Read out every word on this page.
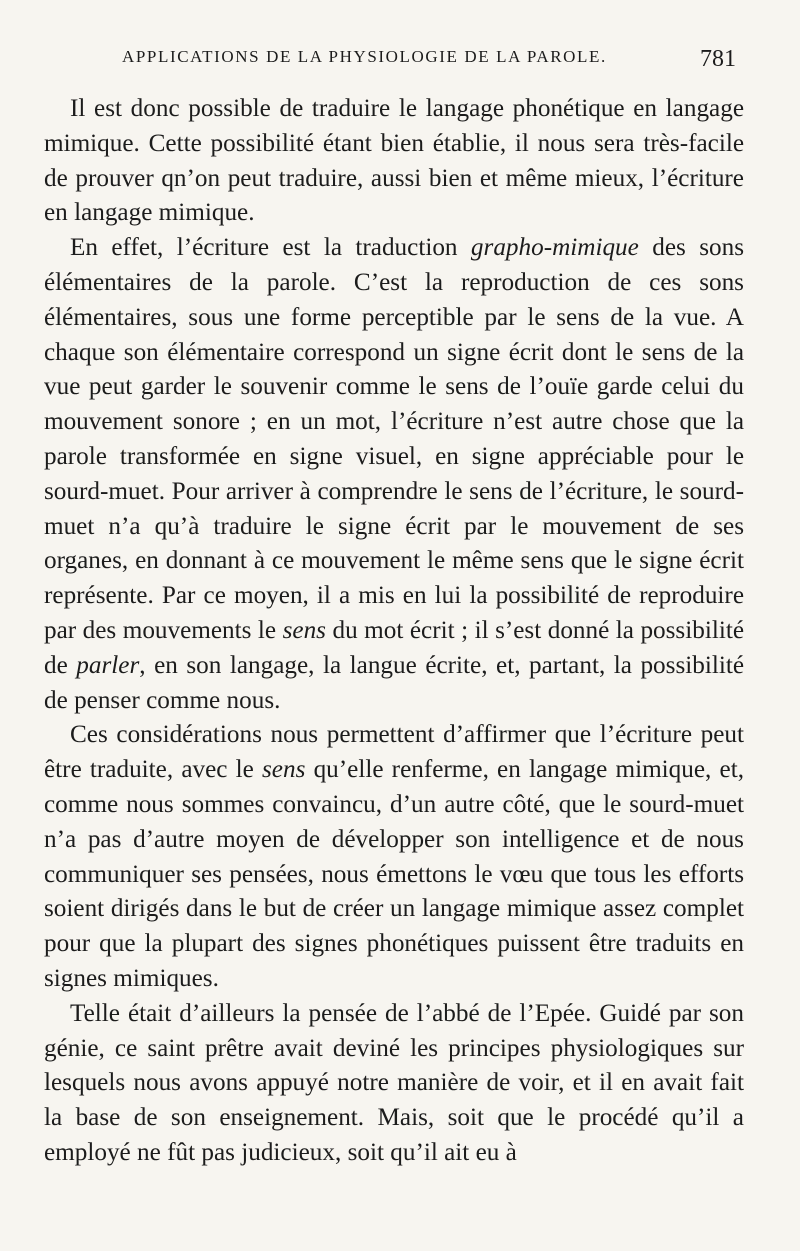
APPLICATIONS DE LA PHYSIOLOGIE DE LA PAROLE.	781

Il est donc possible de traduire le langage phonétique en langage mimique. Cette possibilité étant bien établie, il nous sera très-facile de prouver qn’on peut traduire, aussi bien et même mieux, l’écriture en langage mimique.

En effet, l’écriture est la traduction grapho-mimique des sons élémentaires de la parole. C’est la reproduction de ces sons élémentaires, sous une forme perceptible par le sens de la vue. A chaque son élémentaire correspond un signe écrit dont le sens de la vue peut garder le souvenir comme le sens de l’ouïe garde celui du mouvement sonore ; en un mot, l’écriture n’est autre chose que la parole transformée en signe visuel, en signe appréciable pour le sourd-muet. Pour arriver à comprendre le sens de l’écriture, le sourd-muet n’a qu’à traduire le signe écrit par le mouvement de ses organes, en donnant à ce mouvement le même sens que le signe écrit représente. Par ce moyen, il a mis en lui la possibilité de reproduire par des mouvements le sens du mot écrit ; il s’est donné la possibilité de parler, en son langage, la langue écrite, et, partant, la possibilité de penser comme nous.

Ces considérations nous permettent d’affirmer que l’écriture peut être traduite, avec le sens qu’elle renferme, en langage mimique, et, comme nous sommes convaincu, d’un autre côté, que le sourd-muet n’a pas d’autre moyen de développer son intelligence et de nous communiquer ses pensées, nous émettons le vœu que tous les efforts soient dirigés dans le but de créer un langage mimique assez complet pour que la plupart des signes phonétiques puissent être traduits en signes mimiques.

Telle était d’ailleurs la pensée de l’abbé de l’Epée. Guidé par son génie, ce saint prêtre avait deviné les principes physiologiques sur lesquels nous avons appuyé notre manière de voir, et il en avait fait la base de son enseignement. Mais, soit que le procédé qu’il a employé ne fût pas judicieux, soit qu’il ait eu à
